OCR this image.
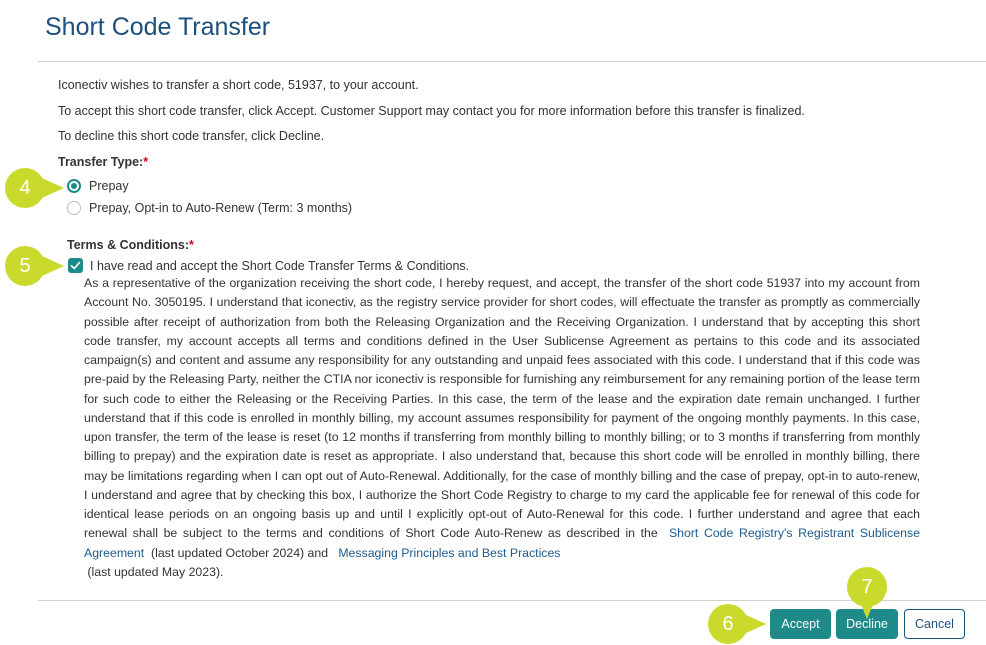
Short Code Transfer
Iconectiv wishes to transfer a short code, 51937, to your account.
To accept this short code transfer, click Accept. Customer Support may contact you for more information before this transfer is finalized.
To decline this short code transfer, click Decline.
Transfer Type:*
Prepay
Prepay, Opt-in to Auto-Renew (Term: 3 months)
Terms & Conditions:*
I have read and accept the Short Code Transfer Terms & Conditions.
As a representative of the organization receiving the short code, I hereby request, and accept, the transfer of the short code 51937 into my account from Account No. 3050195. I understand that iconectiv, as the registry service provider for short codes, will effectuate the transfer as promptly as commercially possible after receipt of authorization from both the Releasing Organization and the Receiving Organization. I understand that by accepting this short code transfer, my account accepts all terms and conditions defined in the User Sublicense Agreement as pertains to this code and its associated campaign(s) and content and assume any responsibility for any outstanding and unpaid fees associated with this code. I understand that if this code was pre-paid by the Releasing Party, neither the CTIA nor iconectiv is responsible for furnishing any reimbursement for any remaining portion of the lease term for such code to either the Releasing or the Receiving Parties. In this case, the term of the lease and the expiration date remain unchanged. I further understand that if this code is enrolled in monthly billing, my account assumes responsibility for payment of the ongoing monthly payments. In this case, upon transfer, the term of the lease is reset (to 12 months if transferring from monthly billing to monthly billing; or to 3 months if transferring from monthly billing to prepay) and the expiration date is reset as appropriate. I also understand that, because this short code will be enrolled in monthly billing, there may be limitations regarding when I can opt out of Auto-Renewal. Additionally, for the case of monthly billing and the case of prepay, opt-in to auto-renew, I understand and agree that by checking this box, I authorize the Short Code Registry to charge to my card the applicable fee for renewal of this code for identical lease periods on an ongoing basis up and until I explicitly opt-out of Auto-Renewal for this code. I further understand and agree that each renewal shall be subject to the terms and conditions of Short Code Auto-Renew as described in the Short Code Registry's Registrant Sublicense Agreement (last updated October 2024) and Messaging Principles and Best Practices
(last updated May 2023).
Accept	Decline	Cancel
4
5
6
7
